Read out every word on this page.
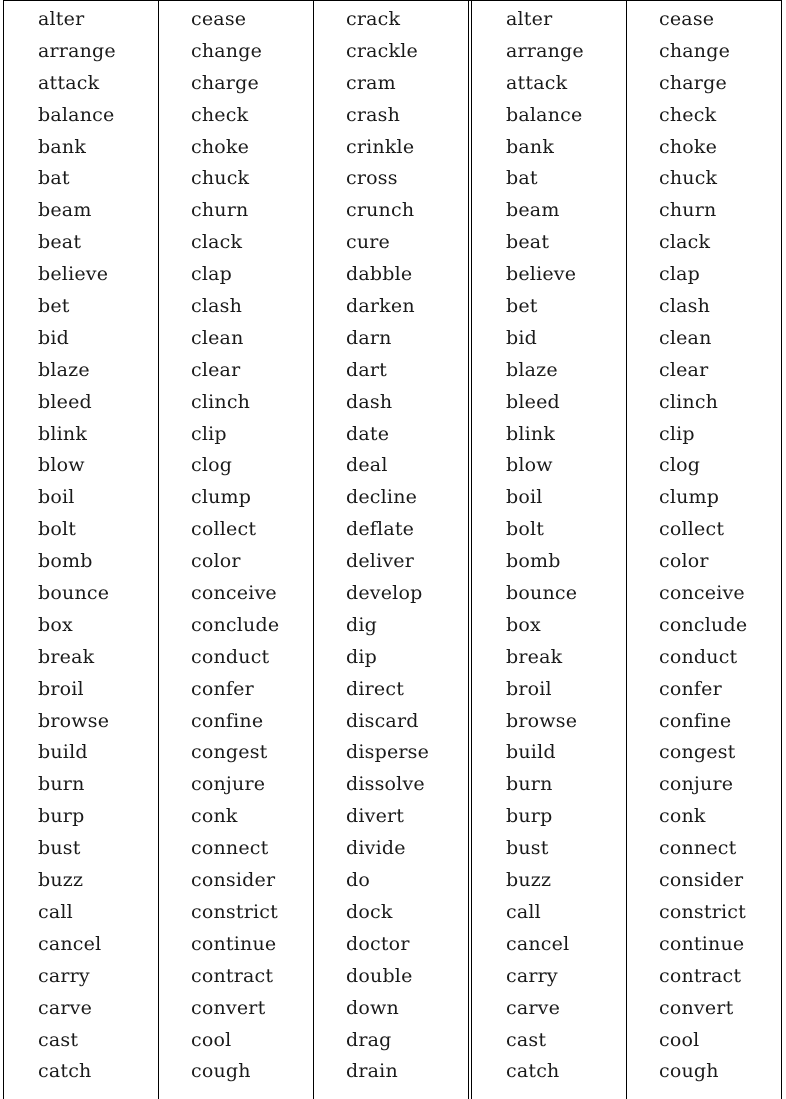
alter
arrange
attack
balance
bank
bat
beam
beat
believe
bet
bid
blaze
bleed
blink
blow
boil
bolt
bomb
bounce
box
break
broil
browse
build
burn
burp
bust
buzz
call
cancel
carry
carve
cast
catch
cease
change
charge
check
choke
chuck
churn
clack
clap
clash
clean
clear
clinch
clip
clog
clump
collect
color
conceive
conclude
conduct
confer
confine
congest
conjure
conk
connect
consider
constrict
continue
contract
convert
cool
cough
crack
crackle
cram
crash
crinkle
cross
crunch
cure
dabble
darken
darn
dart
dash
date
deal
decline
deflate
deliver
develop
dig
dip
direct
discard
disperse
dissolve
divert
divide
do
dock
doctor
double
down
drag
drain
alter
arrange
attack
balance
bank
bat
beam
beat
believe
bet
bid
blaze
bleed
blink
blow
boil
bolt
bomb
bounce
box
break
broil
browse
build
burn
burp
bust
buzz
call
cancel
carry
carve
cast
catch
cease
change
charge
check
choke
chuck
churn
clack
clap
clash
clean
clear
clinch
clip
clog
clump
collect
color
conceive
conclude
conduct
confer
confine
congest
conjure
conk
connect
consider
constrict
continue
contract
convert
cool
cough
